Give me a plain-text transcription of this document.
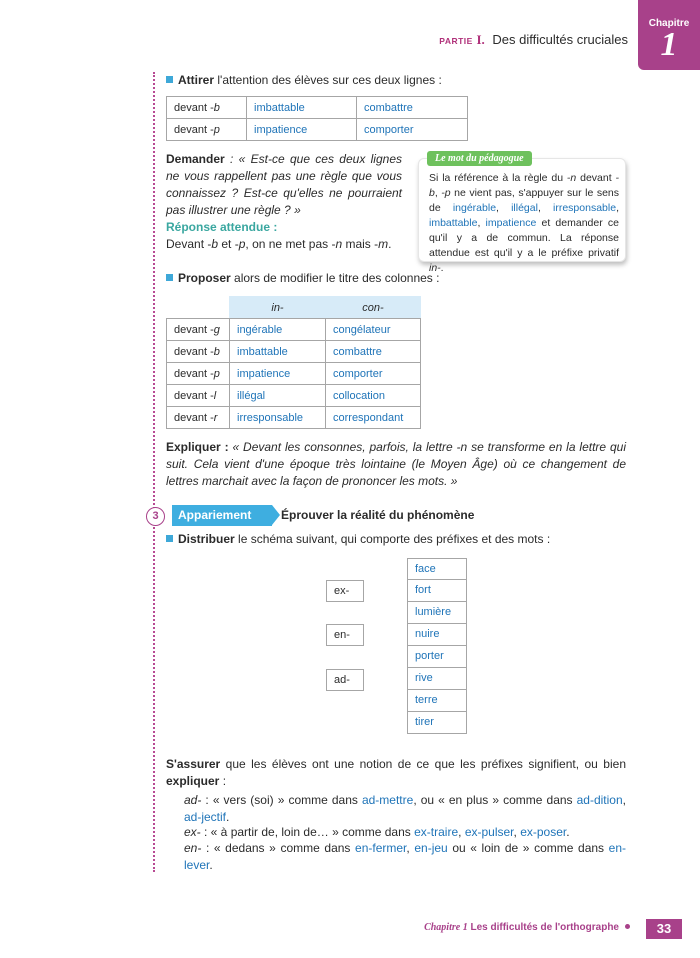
PARTIE I. Des difficultés cruciales
Chapitre
1
Attirer l'attention des élèves sur ces deux lignes :
devant -b	imbattable	combattre
devant -p	impatience	comporter
Demander : « Est-ce que ces deux lignes ne vous rappellent pas une règle que vous connaissez ? Est-ce qu'elles ne pourraient pas illustrer une règle ? »
Réponse attendue :
Devant -b et -p, on ne met pas -n mais -m.
Le mot du pédagogue
Si la référence à la règle du -n devant -b, -p ne vient pas, s'appuyer sur le sens de ingérable, illégal, irresponsable, imbattable, impatience et demander ce qu'il y a de commun. La réponse attendue est qu'il y a le préfixe privatif in-.
Proposer alors de modifier le titre des colonnes :
	in-	con-
devant -g	ingérable	congélateur
devant -b	imbattable	combattre
devant -p	impatience	comporter
devant -l	illégal	collocation
devant -r	irresponsable	correspondant
Expliquer : « Devant les consonnes, parfois, la lettre -n se transforme en la lettre qui suit. Cela vient d'une époque très lointaine (le Moyen Âge) où ce changement de lettres marchait avec la façon de prononcer les mots. »
3	Appariement	Éprouver la réalité du phénomène
Distribuer le schéma suivant, qui comporte des préfixes et des mots :
ex-
en-
ad-
face
fort
lumière
nuire
porter
rive
terre
tirer
S'assurer que les élèves ont une notion de ce que les préfixes signifient, ou bien expliquer :
ad- : « vers (soi) » comme dans ad-mettre, ou « en plus » comme dans ad-dition, ad-jectif.
ex- : « à partir de, loin de… » comme dans ex-traire, ex-pulser, ex-poser.
en- : « dedans » comme dans en-fermer, en-jeu ou « loin de » comme dans en-lever.
Chapitre 1 Les difficultés de l'orthographe	33
